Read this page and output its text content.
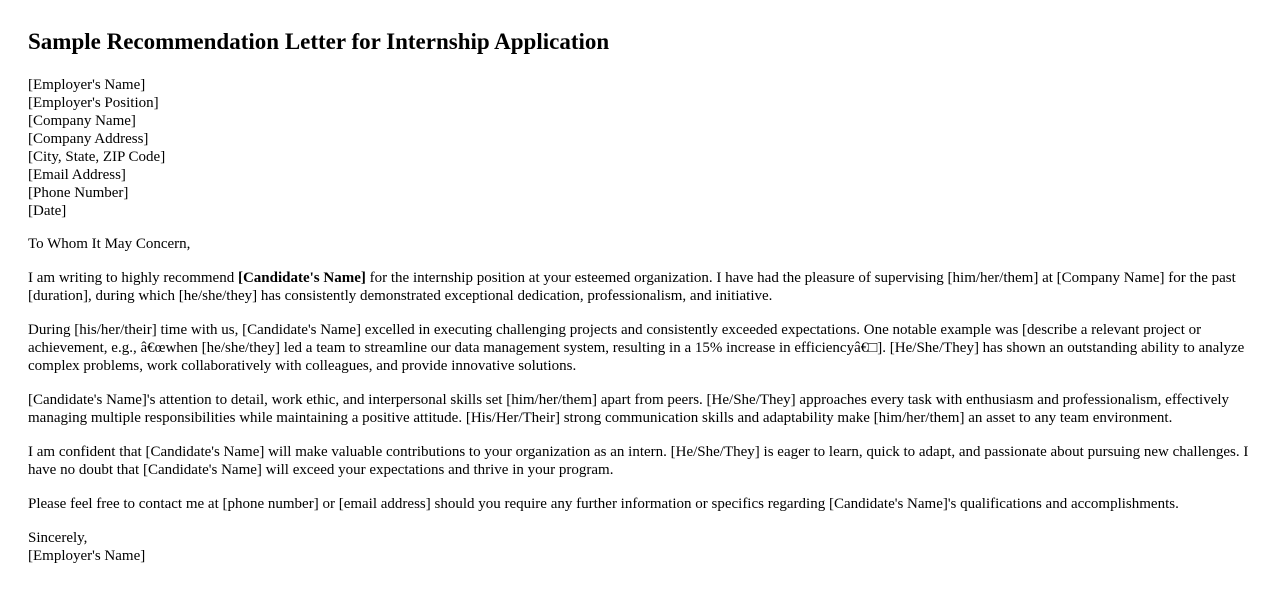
Sample Recommendation Letter for Internship Application
[Employer's Name]
[Employer's Position]
[Company Name]
[Company Address]
[City, State, ZIP Code]
[Email Address]
[Phone Number]
[Date]

To Whom It May Concern,

I am writing to highly recommend [Candidate's Name] for the internship position at your esteemed organization. I have had the pleasure of supervising [him/her/them] at [Company Name] for the past [duration], during which [he/she/they] has consistently demonstrated exceptional dedication, professionalism, and initiative.

During [his/her/their] time with us, [Candidate's Name] excelled in executing challenging projects and consistently exceeded expectations. One notable example was [describe a relevant project or achievement, e.g., â€œwhen [he/she/they] led a team to streamline our data management system, resulting in a 15% increase in efficiencyâ€□]. [He/She/They] has shown an outstanding ability to analyze complex problems, work collaboratively with colleagues, and provide innovative solutions.

[Candidate's Name]'s attention to detail, work ethic, and interpersonal skills set [him/her/them] apart from peers. [He/She/They] approaches every task with enthusiasm and professionalism, effectively managing multiple responsibilities while maintaining a positive attitude. [His/Her/Their] strong communication skills and adaptability make [him/her/them] an asset to any team environment.

I am confident that [Candidate's Name] will make valuable contributions to your organization as an intern. [He/She/They] is eager to learn, quick to adapt, and passionate about pursuing new challenges. I have no doubt that [Candidate's Name] will exceed your expectations and thrive in your program.

Please feel free to contact me at [phone number] or [email address] should you require any further information or specifics regarding [Candidate's Name]'s qualifications and accomplishments.

Sincerely,
[Employer's Name]
